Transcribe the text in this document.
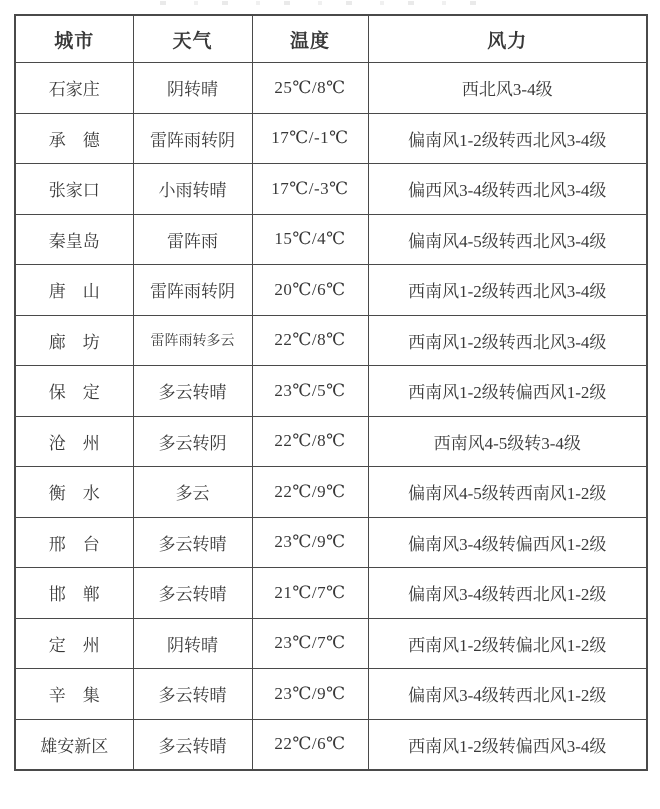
城市	天气	温度	风力
石家庄	阴转晴	25℃/8℃	西北风3-4级
承　德	雷阵雨转阴	17℃/-1℃	偏南风1-2级转西北风3-4级
张家口	小雨转晴	17℃/-3℃	偏西风3-4级转西北风3-4级
秦皇岛	雷阵雨	15℃/4℃	偏南风4-5级转西北风3-4级
唐　山	雷阵雨转阴	20℃/6℃	西南风1-2级转西北风3-4级
廊　坊	雷阵雨转多云	22℃/8℃	西南风1-2级转西北风3-4级
保　定	多云转晴	23℃/5℃	西南风1-2级转偏西风1-2级
沧　州	多云转阴	22℃/8℃	西南风4-5级转3-4级
衡　水	多云	22℃/9℃	偏南风4-5级转西南风1-2级
邢　台	多云转晴	23℃/9℃	偏南风3-4级转偏西风1-2级
邯　郸	多云转晴	21℃/7℃	偏南风3-4级转西北风1-2级
定　州	阴转晴	23℃/7℃	西南风1-2级转偏北风1-2级
辛　集	多云转晴	23℃/9℃	偏南风3-4级转西北风1-2级
雄安新区	多云转晴	22℃/6℃	西南风1-2级转偏西风3-4级
